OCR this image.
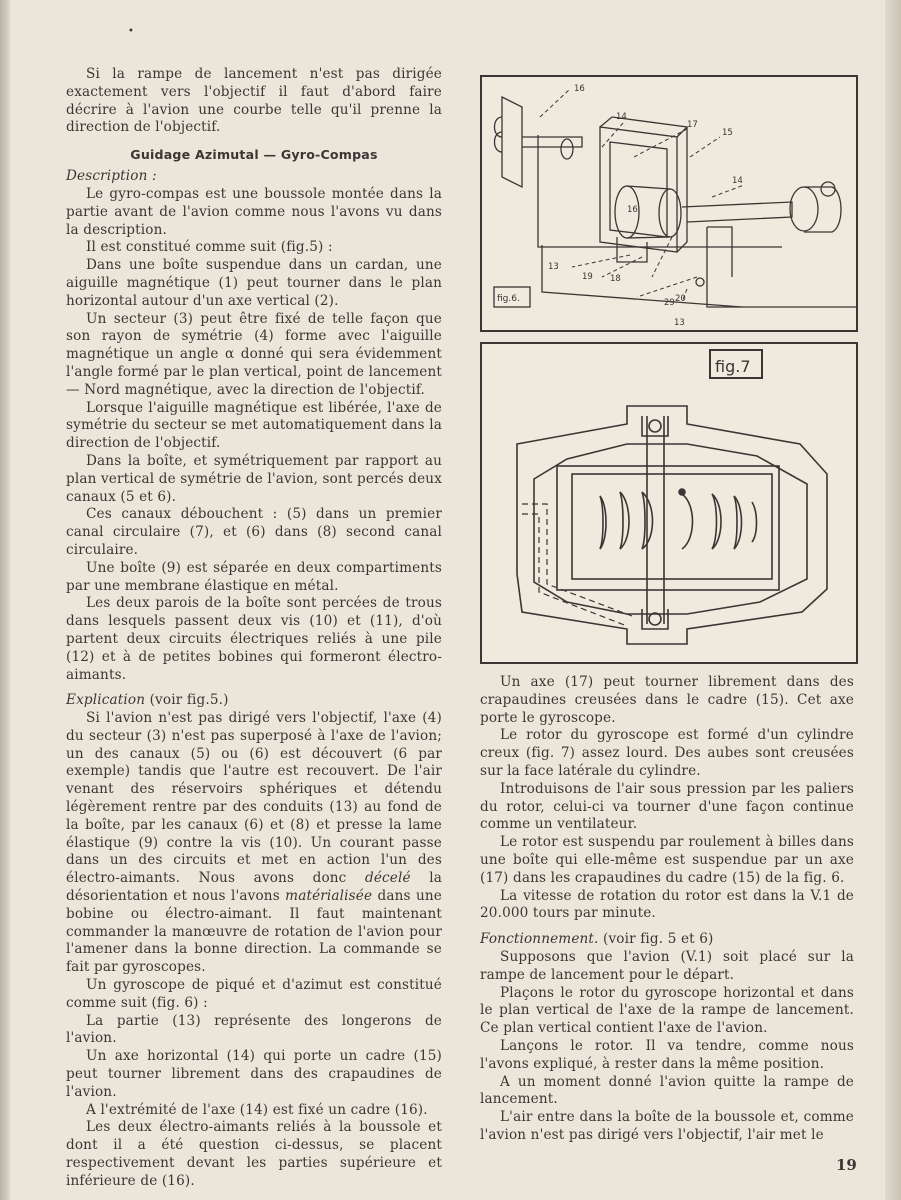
•

Si la rampe de lancement n'est pas dirigée exactement vers l'objectif il faut d'abord faire décrire à l'avion une courbe telle qu'il prenne la direction de l'objectif.

Guidage Azimutal — Gyro-Compas

Description :

Le gyro-compas est une boussole montée dans la partie avant de l'avion comme nous l'avons vu dans la description.

Il est constitué comme suit (fig.5) :

Dans une boîte suspendue dans un cardan, une aiguille magnétique (1) peut tourner dans le plan horizontal autour d'un axe vertical (2).

Un secteur (3) peut être fixé de telle façon que son rayon de symétrie (4) forme avec l'aiguille magnétique un angle α donné qui sera évidemment l'angle formé par le plan vertical, point de lancement — Nord magnétique, avec la direction de l'objectif.

Lorsque l'aiguille magnétique est libérée, l'axe de symétrie du secteur se met automatiquement dans la direction de l'objectif.

Dans la boîte, et symétriquement par rapport au plan vertical de symétrie de l'avion, sont percés deux canaux (5 et 6).

Ces canaux débouchent : (5) dans un premier canal circulaire (7), et (6) dans (8) second canal circulaire.

Une boîte (9) est séparée en deux compartiments par une membrane élastique en métal.

Les deux parois de la boîte sont percées de trous dans lesquels passent deux vis (10) et (11), d'où partent deux circuits électriques reliés à une pile (12) et à de petites bobines qui formeront électro-aimants.

Explication (voir fig.5.)

Si l'avion n'est pas dirigé vers l'objectif, l'axe (4) du secteur (3) n'est pas superposé à l'axe de l'avion; un des canaux (5) ou (6) est découvert (6 par exemple) tandis que l'autre est recouvert. De l'air venant des réservoirs sphériques et détendu légèrement rentre par des conduits (13) au fond de la boîte, par les canaux (6) et (8) et presse la lame élastique (9) contre la vis (10). Un courant passe dans un des circuits et met en action l'un des électro-aimants. Nous avons donc décelé la désorientation et nous l'avons matérialisée dans une bobine ou électro-aimant. Il faut maintenant commander la manœuvre de rotation de l'avion pour l'amener dans la bonne direction. La commande se fait par gyroscopes.

Un gyroscope de piqué et d'azimut est constitué comme suit (fig. 6) :

La partie (13) représente des longerons de l'avion.

Un axe horizontal (14) qui porte un cadre (15) peut tourner librement dans des crapaudines de l'avion.

A l'extrémité de l'axe (14) est fixé un cadre (16).

Les deux électro-aimants reliés à la boussole et dont il a été question ci-dessus, se placent respectivement devant les parties supérieure et inférieure de (16).

16
14
17
15
14
16
13
19 18
20
29
13
fig.6.
fig.7

Un axe (17) peut tourner librement dans des crapaudines creusées dans le cadre (15). Cet axe porte le gyroscope.

Le rotor du gyroscope est formé d'un cylindre creux (fig. 7) assez lourd. Des aubes sont creusées sur la face latérale du cylindre.

Introduisons de l'air sous pression par les paliers du rotor, celui-ci va tourner d'une façon continue comme un ventilateur.

Le rotor est suspendu par roulement à billes dans une boîte qui elle-même est suspendue par un axe (17) dans les crapaudines du cadre (15) de la fig. 6.

La vitesse de rotation du rotor est dans la V.1 de 20.000 tours par minute.

Fonctionnement. (voir fig. 5 et 6)

Supposons que l'avion (V.1) soit placé sur la rampe de lancement pour le départ.

Plaçons le rotor du gyroscope horizontal et dans le plan vertical de l'axe de la rampe de lancement. Ce plan vertical contient l'axe de l'avion.

Lançons le rotor. Il va tendre, comme nous l'avons expliqué, à rester dans la même position.

A un moment donné l'avion quitte la rampe de lancement.

L'air entre dans la boîte de la boussole et, comme l'avion n'est pas dirigé vers l'objectif, l'air met le

19
